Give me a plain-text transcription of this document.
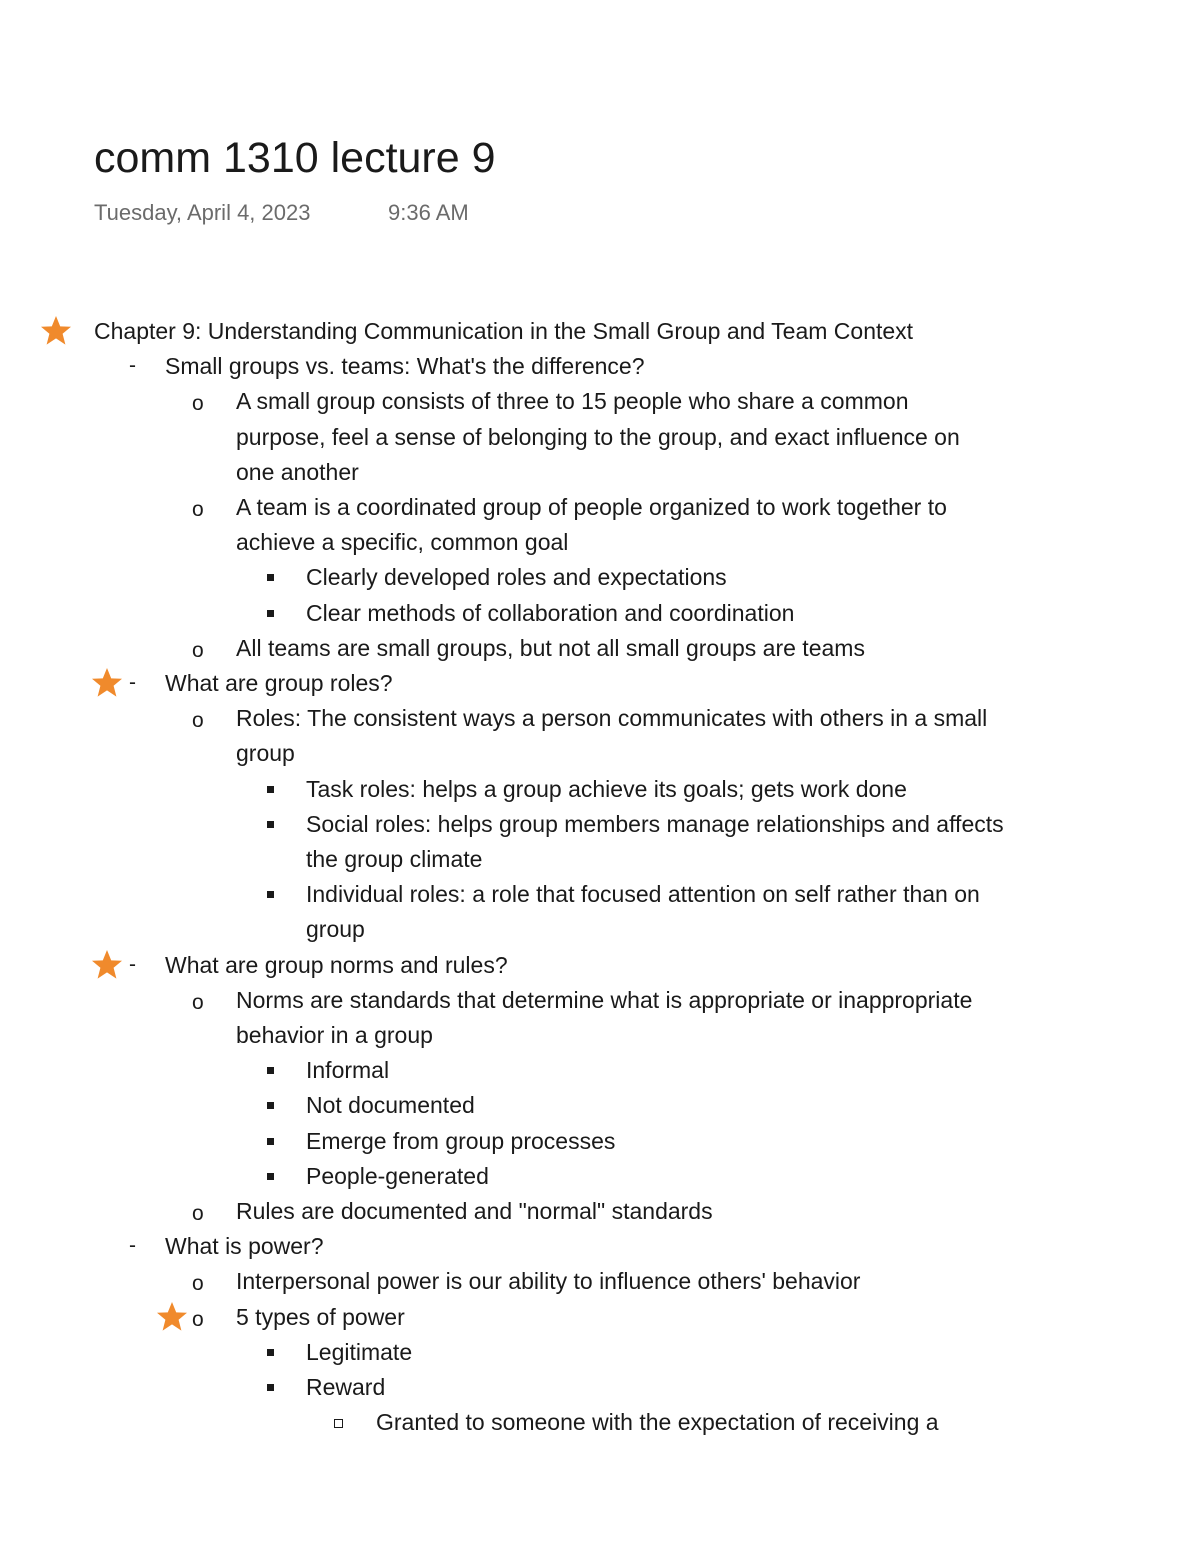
comm 1310 lecture 9
Tuesday, April 4, 2023	9:36 AM
Chapter 9: Understanding Communication in the Small Group and Team Context
- Small groups vs. teams: What's the difference?
o A small group consists of three to 15 people who share a common
purpose, feel a sense of belonging to the group, and exact influence on
one another
o A team is a coordinated group of people organized to work together to
achieve a specific, common goal
Clearly developed roles and expectations
Clear methods of collaboration and coordination
o All teams are small groups, but not all small groups are teams
- What are group roles?
o Roles: The consistent ways a person communicates with others in a small
group
Task roles: helps a group achieve its goals; gets work done
Social roles: helps group members manage relationships and affects
the group climate
Individual roles: a role that focused attention on self rather than on
group
- What are group norms and rules?
o Norms are standards that determine what is appropriate or inappropriate
behavior in a group
Informal
Not documented
Emerge from group processes
People-generated
o Rules are documented and "normal" standards
- What is power?
o Interpersonal power is our ability to influence others' behavior
o 5 types of power
Legitimate
Reward
Granted to someone with the expectation of receiving a
